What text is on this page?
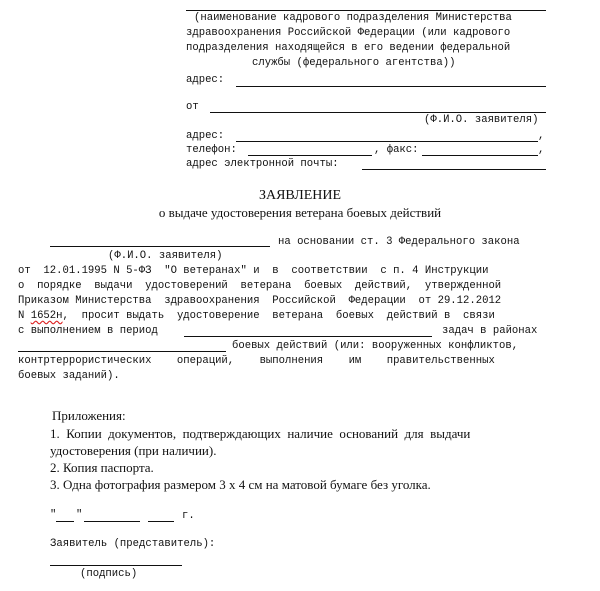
(наименование кадрового подразделения Министерства
здравоохранения Российской Федерации (или кадрового
подразделения находящейся в его ведении федеральной
службы (федерального агентства))
адрес:
от
(Ф.И.О. заявителя)
адрес:	,
телефон:	, факс:	,
адрес электронной почты:
ЗАЯВЛЕНИЕ
о выдаче удостоверения ветерана боевых действий
на основании ст. 3 Федерального закона
(Ф.И.О. заявителя)
от  12.01.1995 N 5-ФЗ  "О ветеранах" и  в  соответствии  с п. 4 Инструкции
о  порядке  выдачи  удостоверений  ветерана  боевых  действий,  утвержденной
Приказом Министерства  здравоохранения  Российской  Федерации  от 29.12.2012
N 1652н,  просит выдать  удостоверение  ветерана  боевых  действий в  связи
с выполнением в период	задач в районах
боевых действий (или: вооруженных конфликтов,
контртеррористических    операций,    выполнения    им    правительственных
боевых заданий).
Приложения:
1.  Копии  документов,  подтверждающих  наличие  оснований  для  выдачи
удостоверения (при наличии).
2. Копия паспорта.
3. Одна фотография размером 3 х 4 см на матовой бумаге без уголка.
" "	г.
Заявитель (представитель):
(подпись)
